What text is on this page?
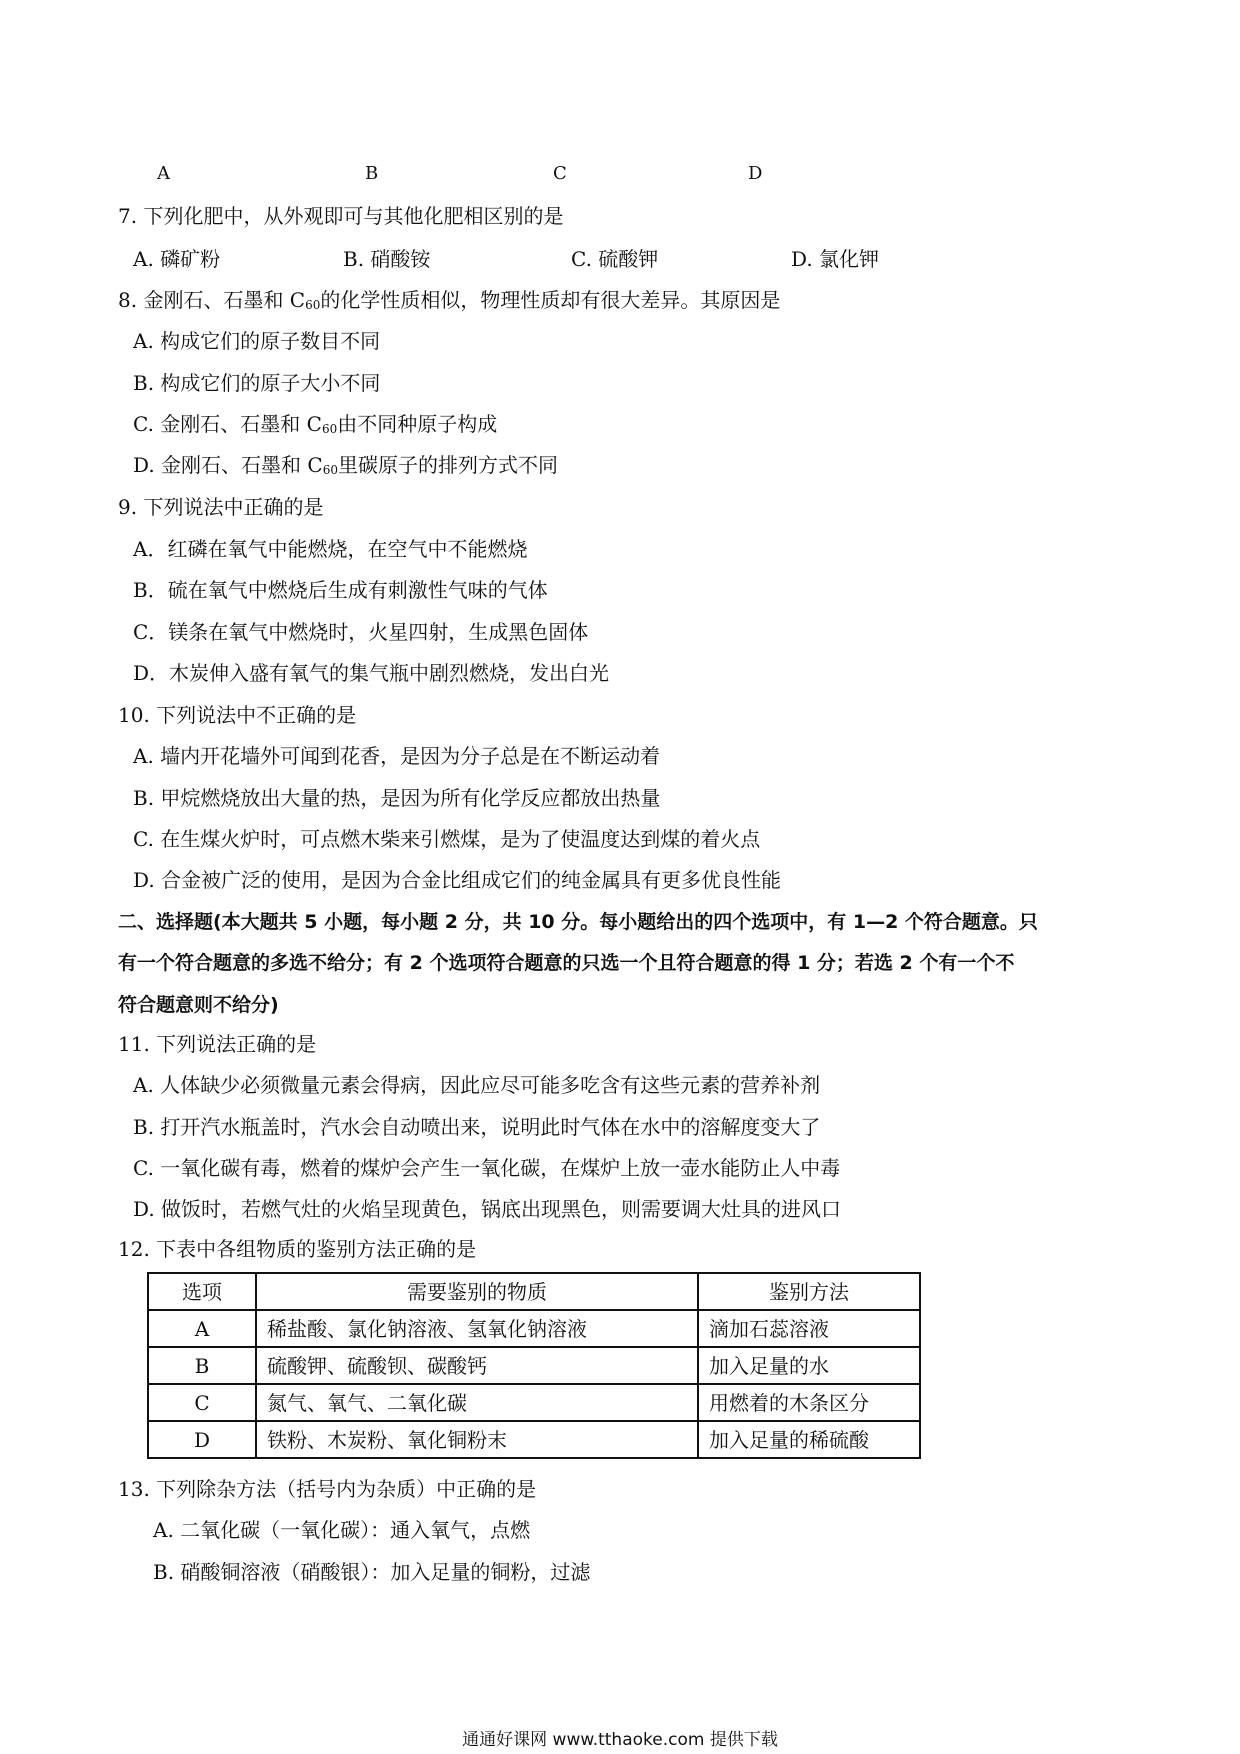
A	B	C	D
7. 下列化肥中，从外观即可与其他化肥相区别的是
A. 磷矿粉	B. 硝酸铵	C. 硫酸钾	D. 氯化钾
8. 金刚石、石墨和 $C_{60}$的化学性质相似，物理性质却有很大差异。其原因是
A. 构成它们的原子数目不同
B. 构成它们的原子大小不同
C. 金刚石、石墨和 $C_{60}$由不同种原子构成
D. 金刚石、石墨和 $C_{60}$里碳原子的排列方式不同
9. 下列说法中正确的是
A．红磷在氧气中能燃烧，在空气中不能燃烧
B．硫在氧气中燃烧后生成有刺激性气味的气体
C．镁条在氧气中燃烧时，火星四射，生成黑色固体
D．木炭伸入盛有氧气的集气瓶中剧烈燃烧，发出白光
10. 下列说法中不正确的是
A. 墙内开花墙外可闻到花香，是因为分子总是在不断运动着
B. 甲烷燃烧放出大量的热，是因为所有化学反应都放出热量
C. 在生煤火炉时，可点燃木柴来引燃煤，是为了使温度达到煤的着火点
D. 合金被广泛的使用，是因为合金比组成它们的纯金属具有更多优良性能
二、选择题(本大题共 5 小题，每小题 2 分，共 10 分。每小题给出的四个选项中，有 1—2 个符合题意。只
有一个符合题意的多选不给分；有 2 个选项符合题意的只选一个且符合题意的得 1 分；若选 2 个有一个不
符合题意则不给分)
11. 下列说法正确的是
A. 人体缺少必须微量元素会得病，因此应尽可能多吃含有这些元素的营养补剂
B. 打开汽水瓶盖时，汽水会自动喷出来，说明此时气体在水中的溶解度变大了
C. 一氧化碳有毒，燃着的煤炉会产生一氧化碳，在煤炉上放一壶水能防止人中毒
D. 做饭时，若燃气灶的火焰呈现黄色，锅底出现黑色，则需要调大灶具的进风口
12. 下表中各组物质的鉴别方法正确的是
选项	需要鉴别的物质	鉴别方法
A	稀盐酸、氯化钠溶液、氢氧化钠溶液	滴加石蕊溶液
B	硫酸钾、硫酸钡、碳酸钙	加入足量的水
C	氮气、氧气、二氧化碳	用燃着的木条区分
D	铁粉、木炭粉、氧化铜粉末	加入足量的稀硫酸
13. 下列除杂方法（括号内为杂质）中正确的是
A. 二氧化碳（一氧化碳）：通入氧气，点燃
B. 硝酸铜溶液（硝酸银）：加入足量的铜粉，过滤
通通好课网 www.tthaoke.com 提供下载
